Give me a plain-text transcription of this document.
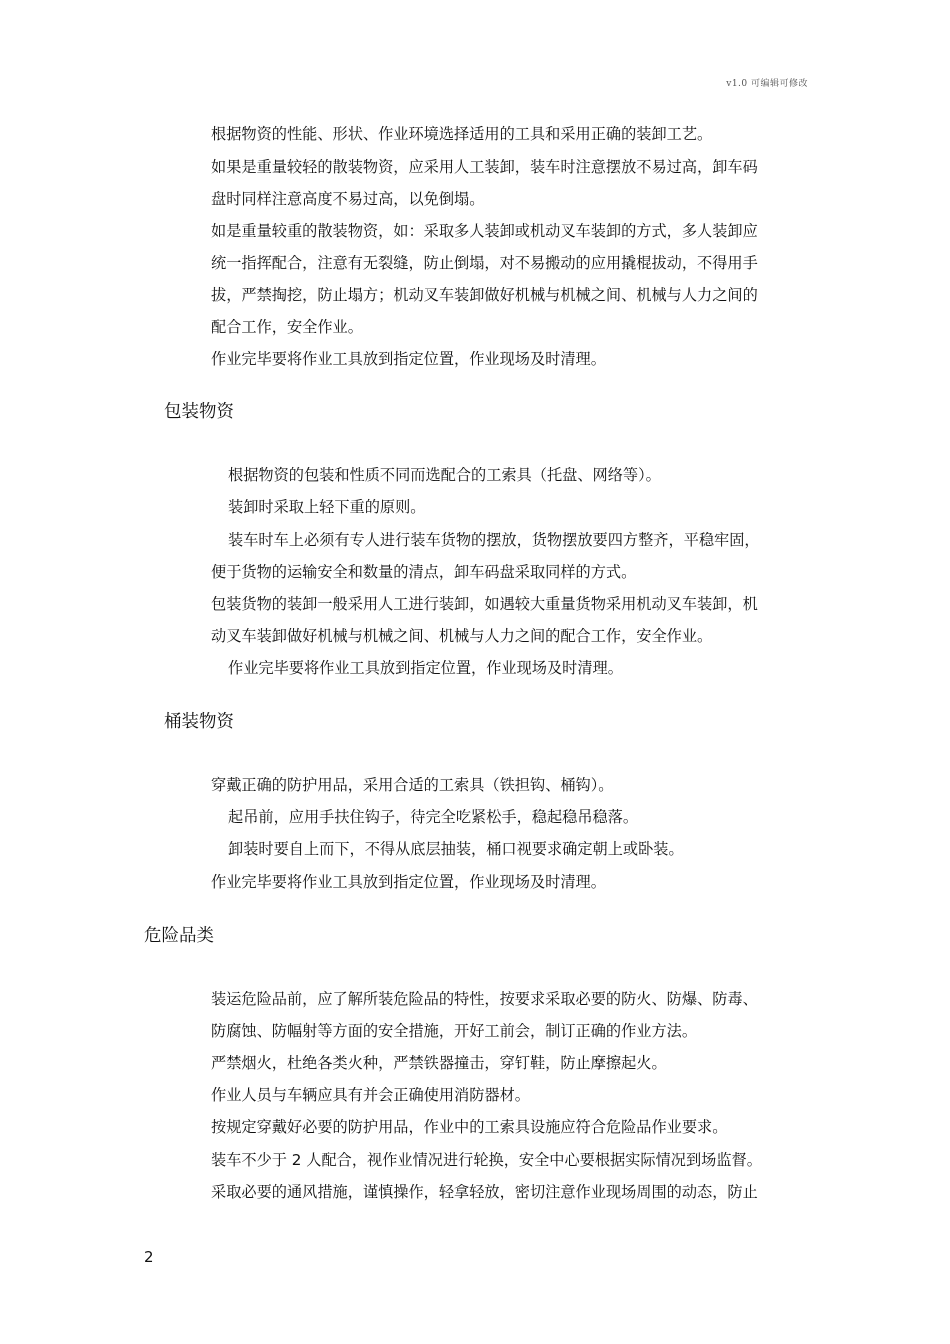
v1.0 可编辑可修改
根据物资的性能、形状、作业环境选择适用的工具和采用正确的装卸工艺。
如果是重量较轻的散装物资，应采用人工装卸，装车时注意摆放不易过高，卸车码
盘时同样注意高度不易过高，以免倒塌。
如是重量较重的散装物资，如：采取多人装卸或机动叉车装卸的方式，多人装卸应
统一指挥配合，注意有无裂缝，防止倒塌，对不易搬动的应用撬棍拔动，不得用手
拔，严禁掏挖，防止塌方；机动叉车装卸做好机械与机械之间、机械与人力之间的
配合工作，安全作业。
作业完毕要将作业工具放到指定位置，作业现场及时清理。
包装物资
根据物资的包装和性质不同而选配合的工索具（托盘、网络等）。
装卸时采取上轻下重的原则。
装车时车上必须有专人进行装车货物的摆放，货物摆放要四方整齐，平稳牢固，
便于货物的运输安全和数量的清点，卸车码盘采取同样的方式。
包装货物的装卸一般采用人工进行装卸，如遇较大重量货物采用机动叉车装卸，机
动叉车装卸做好机械与机械之间、机械与人力之间的配合工作，安全作业。
作业完毕要将作业工具放到指定位置，作业现场及时清理。
桶装物资
穿戴正确的防护用品，采用合适的工索具（铁担钩、桶钩）。
起吊前，应用手扶住钩子，待完全吃紧松手，稳起稳吊稳落。
卸装时要自上而下，不得从底层抽装，桶口视要求确定朝上或卧装。
作业完毕要将作业工具放到指定位置，作业现场及时清理。
危险品类
装运危险品前，应了解所装危险品的特性，按要求采取必要的防火、防爆、防毒、
防腐蚀、防幅射等方面的安全措施，开好工前会，制订正确的作业方法。
严禁烟火，杜绝各类火种，严禁铁器撞击，穿钉鞋，防止摩擦起火。
作业人员与车辆应具有并会正确使用消防器材。
按规定穿戴好必要的防护用品，作业中的工索具设施应符合危险品作业要求。
装车不少于 2 人配合，视作业情况进行轮换，安全中心要根据实际情况到场监督。
采取必要的通风措施，谨慎操作，轻拿轻放，密切注意作业现场周围的动态，防止
2
